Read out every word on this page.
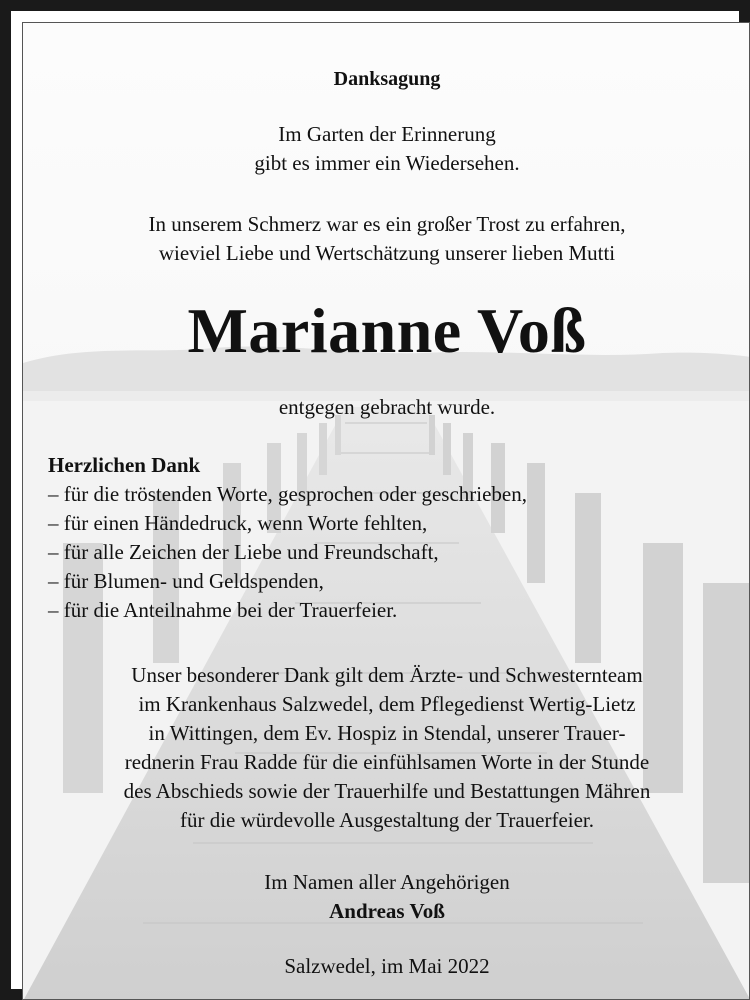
Danksagung
Im Garten der Erinnerung
gibt es immer ein Wiedersehen.
In unserem Schmerz war es ein großer Trost zu erfahren,
wieviel Liebe und Wertschätzung unserer lieben Mutti
Marianne Voß
entgegen gebracht wurde.
Herzlichen Dank
– für die tröstenden Worte, gesprochen oder geschrieben,
– für einen Händedruck, wenn Worte fehlten,
– für alle Zeichen der Liebe und Freundschaft,
– für Blumen- und Geldspenden,
– für die Anteilnahme bei der Trauerfeier.
Unser besonderer Dank gilt dem Ärzte- und Schwesternteam
im Krankenhaus Salzwedel, dem Pflegedienst Wertig-Lietz
in Wittingen, dem Ev. Hospiz in Stendal, unserer Trauer-
rednerin Frau Radde für die einfühlsamen Worte in der Stunde
des Abschieds sowie der Trauerhilfe und Bestattungen Mähren
für die würdevolle Ausgestaltung der Trauerfeier.
Im Namen aller Angehörigen
Andreas Voß
Salzwedel, im Mai 2022
